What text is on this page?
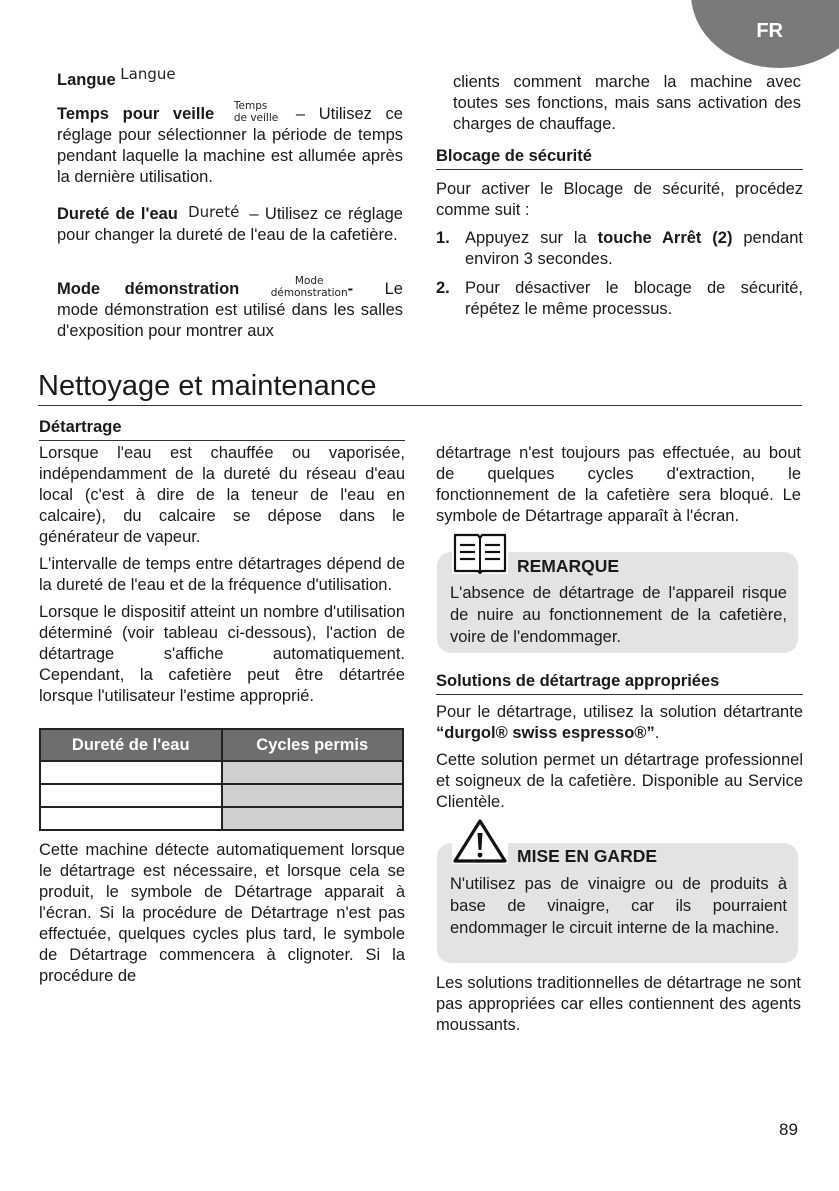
FR

Langue Langue

Temps pour veille Temps
de veille – Utilisez ce réglage pour sélectionner la période de temps pendant laquelle la machine est allumée après la dernière utilisation.

Dureté de l'eau Dureté – Utilisez ce réglage pour changer la dureté de l'eau de la cafetière.

Mode démonstration	Mode
démonstration - Le

mode démonstration est utilisé dans les salles d'exposition pour montrer aux

clients comment marche la machine avec toutes ses fonctions, mais sans activation des charges de chauffage.

Blocage de sécurité

Pour activer le Blocage de sécurité, procédez comme suit :

1. Appuyez sur la touche Arrêt (2) pendant environ 3 secondes.
2. Pour désactiver le blocage de sécurité, répétez le même processus.
Nettoyage et maintenance
Détartrage

Lorsque l'eau est chauffée ou vaporisée, indépendamment de la dureté du réseau d'eau local (c'est à dire de la teneur de l'eau en calcaire), du calcaire se dépose dans le générateur de vapeur.

L'intervalle de temps entre détartrages dépend de la dureté de l'eau et de la fréquence d'utilisation.

Lorsque le dispositif atteint un nombre d'utilisation déterminé (voir tableau ci-dessous), l'action de détartrage s'affiche automatiquement. Cependant, la cafetière peut être détartrée lorsque l'utilisateur l'estime approprié.

Dureté de l'eau	Cycles permis

Cette machine détecte automatiquement lorsque le détartrage est nécessaire, et lorsque cela se produit, le symbole de Détartrage apparait à l'écran. Si la procédure de Détartrage n'est pas effectuée, quelques cycles plus tard, le symbole de Détartrage commencera à clignoter. Si la procédure de

détartrage n'est toujours pas effectuée, au bout de quelques cycles d'extraction, le fonctionnement de la cafetière sera bloqué. Le symbole de Détartrage apparaît à l'écran.

REMARQUE

L'absence de détartrage de l'appareil risque de nuire au fonctionnement de la cafetière, voire de l'endommager.

Solutions de détartrage appropriées

Pour le détartrage, utilisez la solution détartrante “durgol® swiss espresso®”.

Cette solution permet un détartrage professionnel et soigneux de la cafetière. Disponible au Service Clientèle.

MISE EN GARDE

N'utilisez pas de vinaigre ou de produits à base de vinaigre, car ils pourraient endommager le circuit interne de la machine.

Les solutions traditionnelles de détartrage ne sont pas appropriées car elles contiennent des agents moussants.

89
